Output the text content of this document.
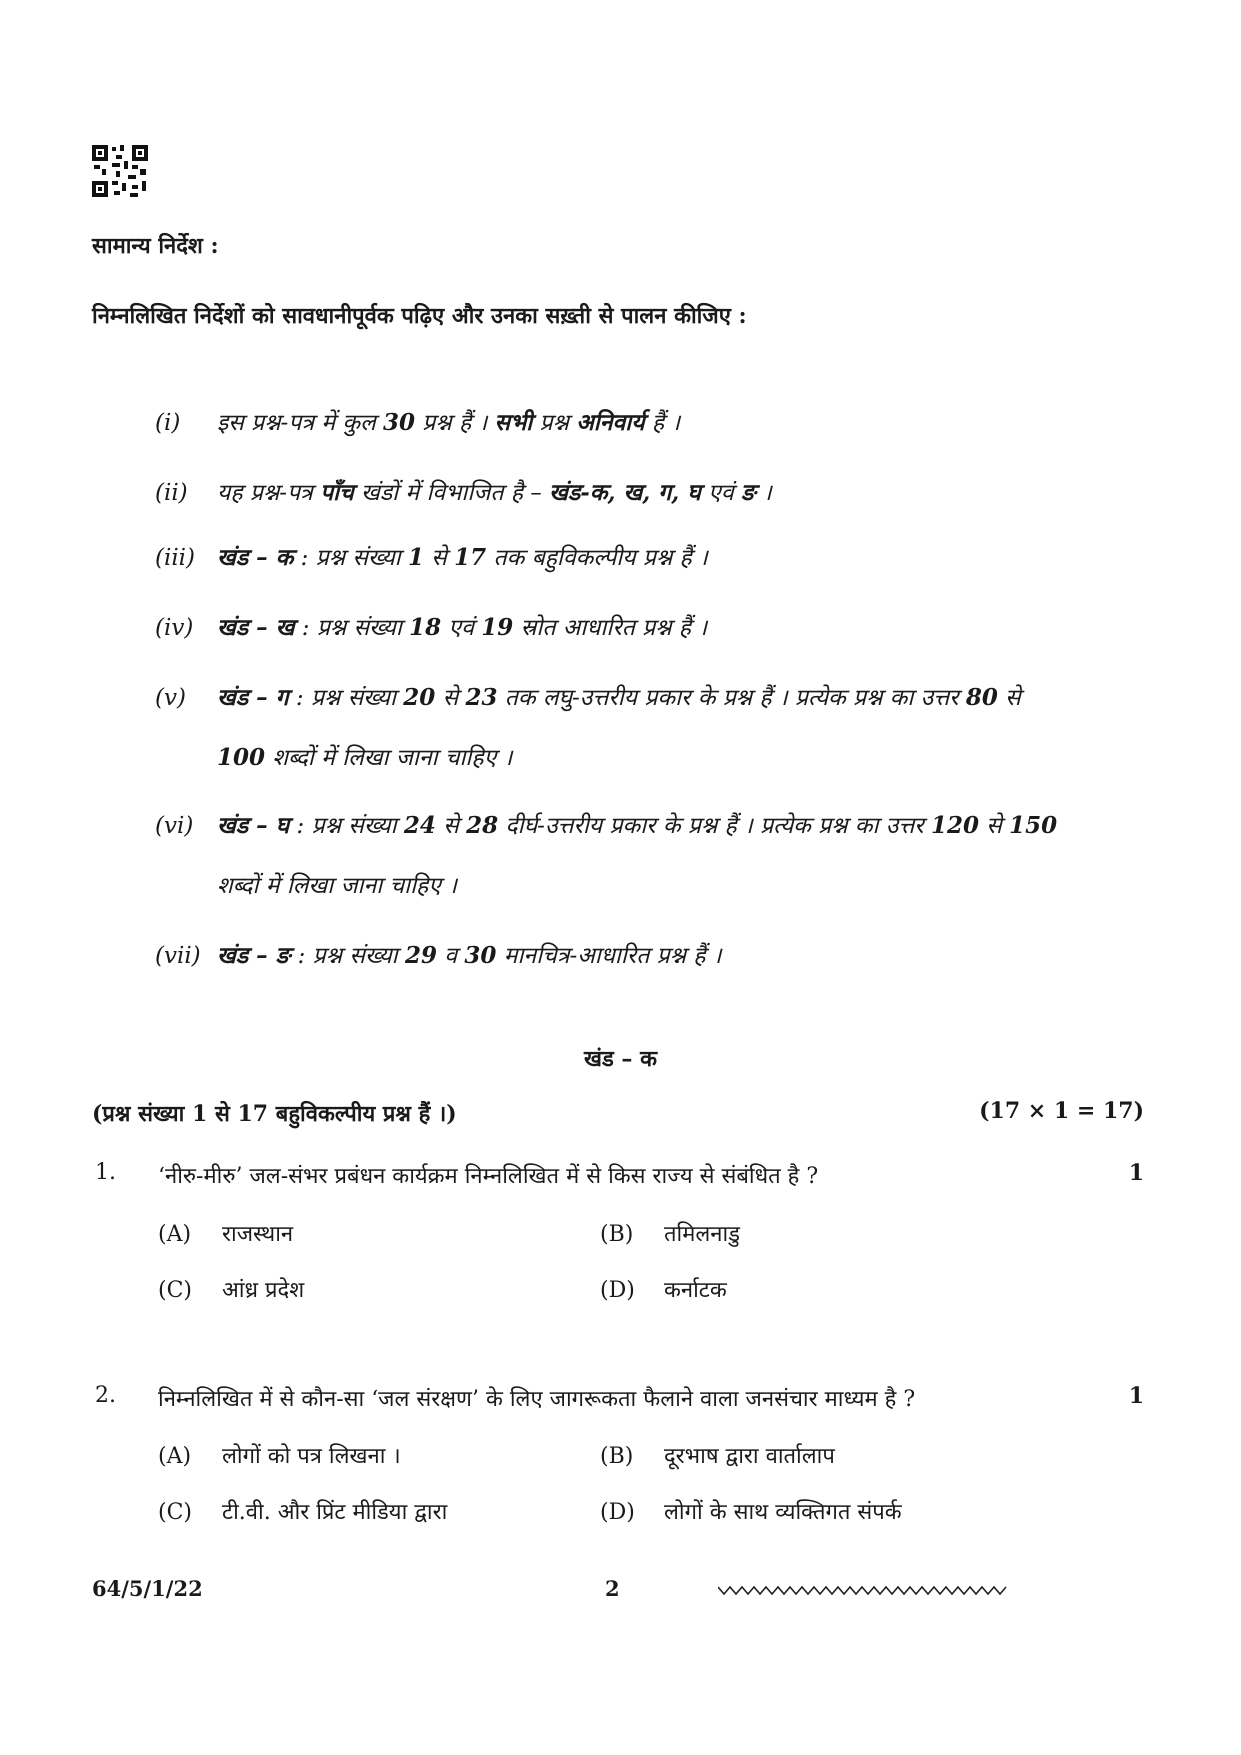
सामान्य निर्देश :
निम्नलिखित निर्देशों को सावधानीपूर्वक पढ़िए और उनका सख़्ती से पालन कीजिए :
(i) इस प्रश्न-पत्र में कुल 30 प्रश्न हैं । सभी प्रश्न अनिवार्य हैं ।
(ii) यह प्रश्न-पत्र पाँच खंडों में विभाजित है – खंड-क, ख, ग, घ एवं ङ ।
(iii) खंड – क : प्रश्न संख्या 1 से 17 तक बहुविकल्पीय प्रश्न हैं ।
(iv) खंड – ख : प्रश्न संख्या 18 एवं 19 स्रोत आधारित प्रश्न हैं ।
(v) खंड – ग : प्रश्न संख्या 20 से 23 तक लघु-उत्तरीय प्रकार के प्रश्न हैं । प्रत्येक प्रश्न का उत्तर 80 से
100 शब्दों में लिखा जाना चाहिए ।
(vi) खंड – घ : प्रश्न संख्या 24 से 28 दीर्घ-उत्तरीय प्रकार के प्रश्न हैं । प्रत्येक प्रश्न का उत्तर 120 से 150
शब्दों में लिखा जाना चाहिए ।
(vii) खंड – ङ : प्रश्न संख्या 29 व 30 मानचित्र-आधारित प्रश्न हैं ।
खंड – क
(प्रश्न संख्या 1 से 17 बहुविकल्पीय प्रश्न हैं ।)	(17 × 1 = 17)
1. ‘नीरु-मीरु’ जल-संभर प्रबंधन कार्यक्रम निम्नलिखित में से किस राज्य से संबंधित है ?	1
(A) राजस्थान	(B) तमिलनाडु
(C) आंध्र प्रदेश	(D) कर्नाटक
2. निम्नलिखित में से कौन-सा ‘जल संरक्षण’ के लिए जागरूकता फैलाने वाला जनसंचार माध्यम है ?	1
(A) लोगों को पत्र लिखना ।	(B) दूरभाष द्वारा वार्तालाप
(C) टी.वी. और प्रिंट मीडिया द्वारा	(D) लोगों के साथ व्यक्तिगत संपर्क
64/5/1/22	2
